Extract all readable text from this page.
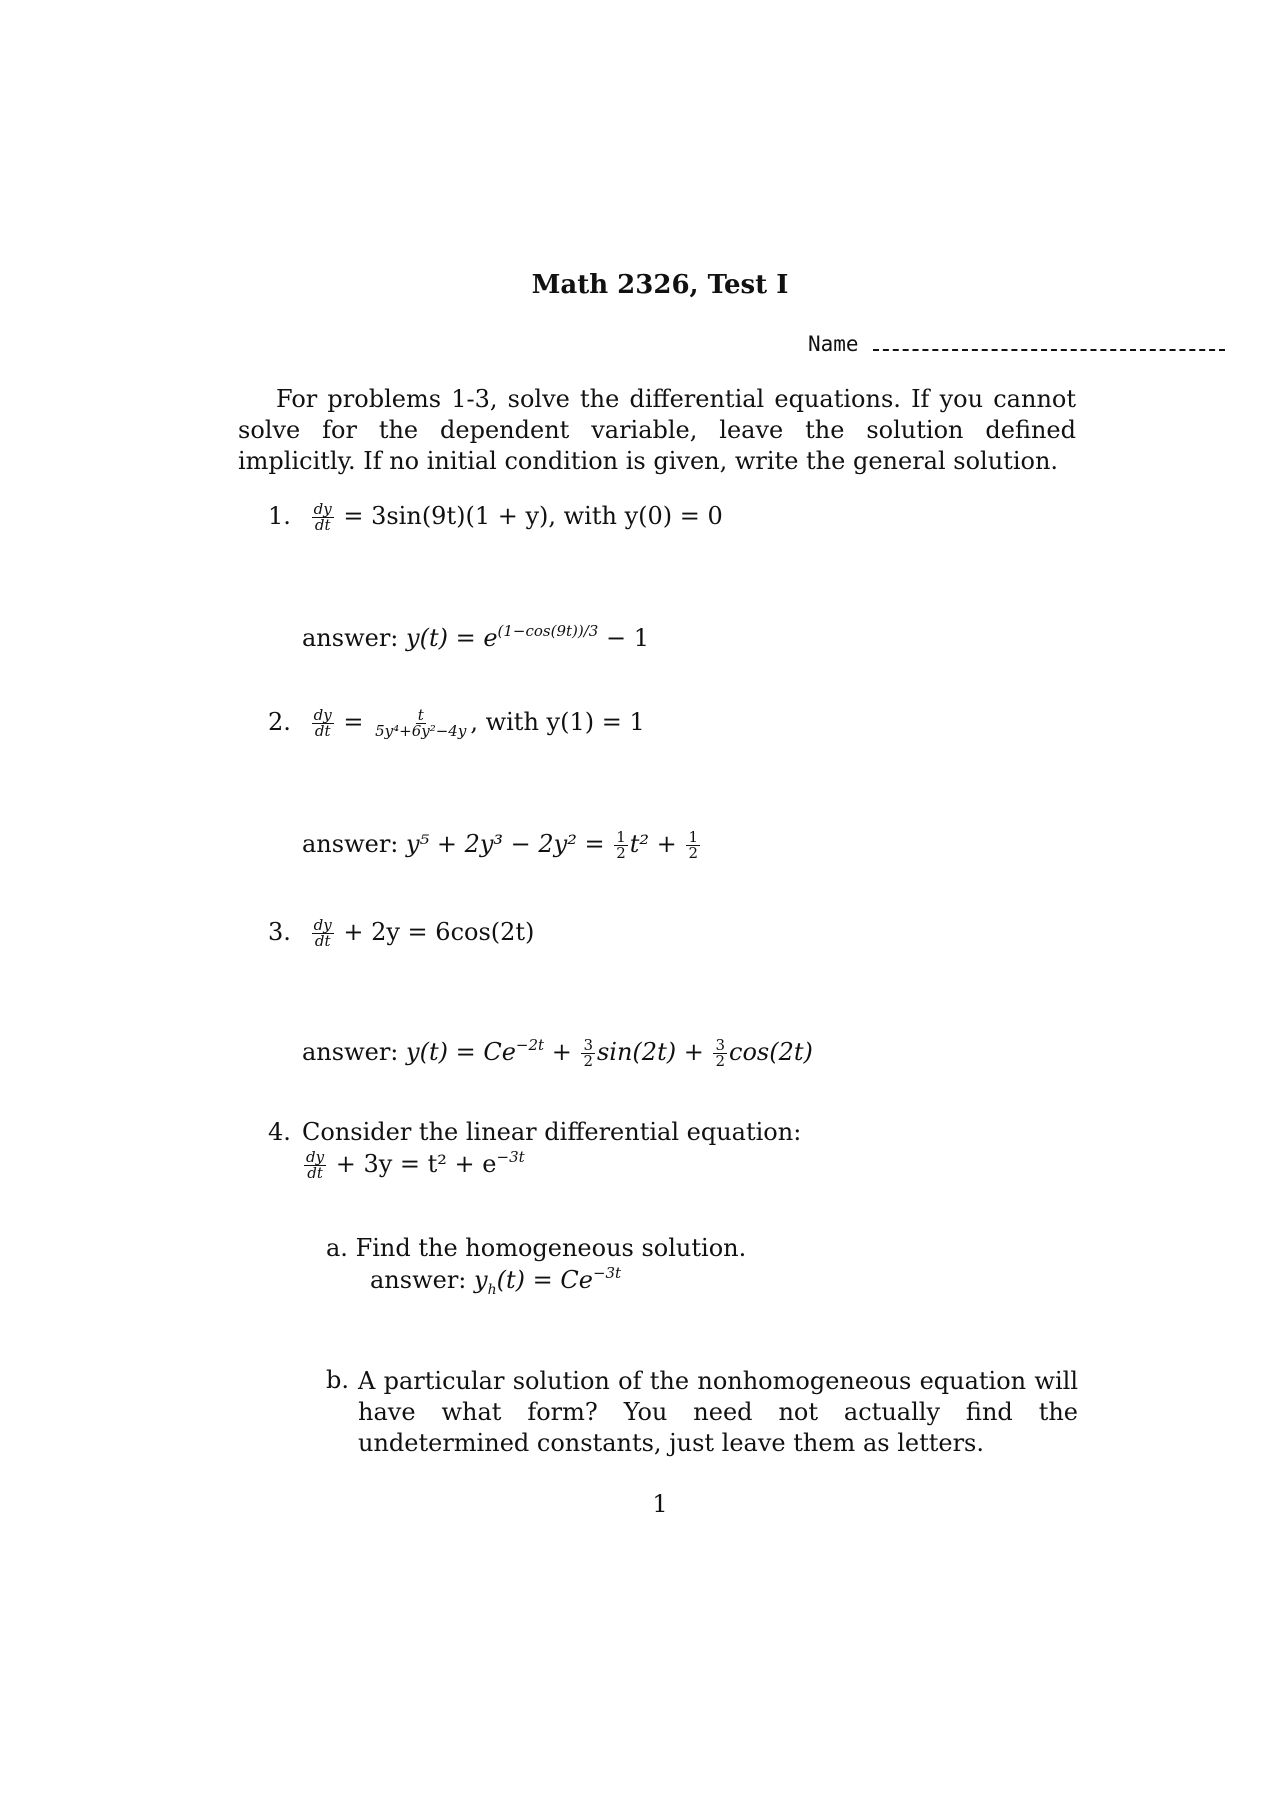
Math 2326, Test I
Name

For problems 1-3, solve the differential equations. If you cannot solve for the dependent variable, leave the solution defined implicitly. If no initial condition is given, write the general solution.

1. $\frac{dy}{dt} = 3\sin(9t)(1 + y)$, with y(0) = 0
answer: $y(t) = e^{(1-cos(9t))/3} - 1$
2. $\frac{dy}{dt} = \frac{t}{\text{5y⁴+6y²−4y}}$ , with y(1) = 1
answer: $y^5 + 2y^3 - 2y^2 = \frac{1}{2} t^2 + \frac{1}{2}$
3. $\frac{dy}{dt} + 2y = 6\cos(2t)$
answer: $y(t) = Ce^{-2t} + \frac{3}{2} \sin(2t) + \frac{3}{2} \cos(2t)$
4. Consider the linear differential equation:
$\frac{dy}{dt} + 3y = t^2 + e^{-3t}$
a. Find the homogeneous solution.
answer: $y_h(t) = Ce^{-3t}$
b. A particular solution of the nonhomogeneous equation will have what form? You need not actually find the undetermined constants, just leave them as letters.
1
